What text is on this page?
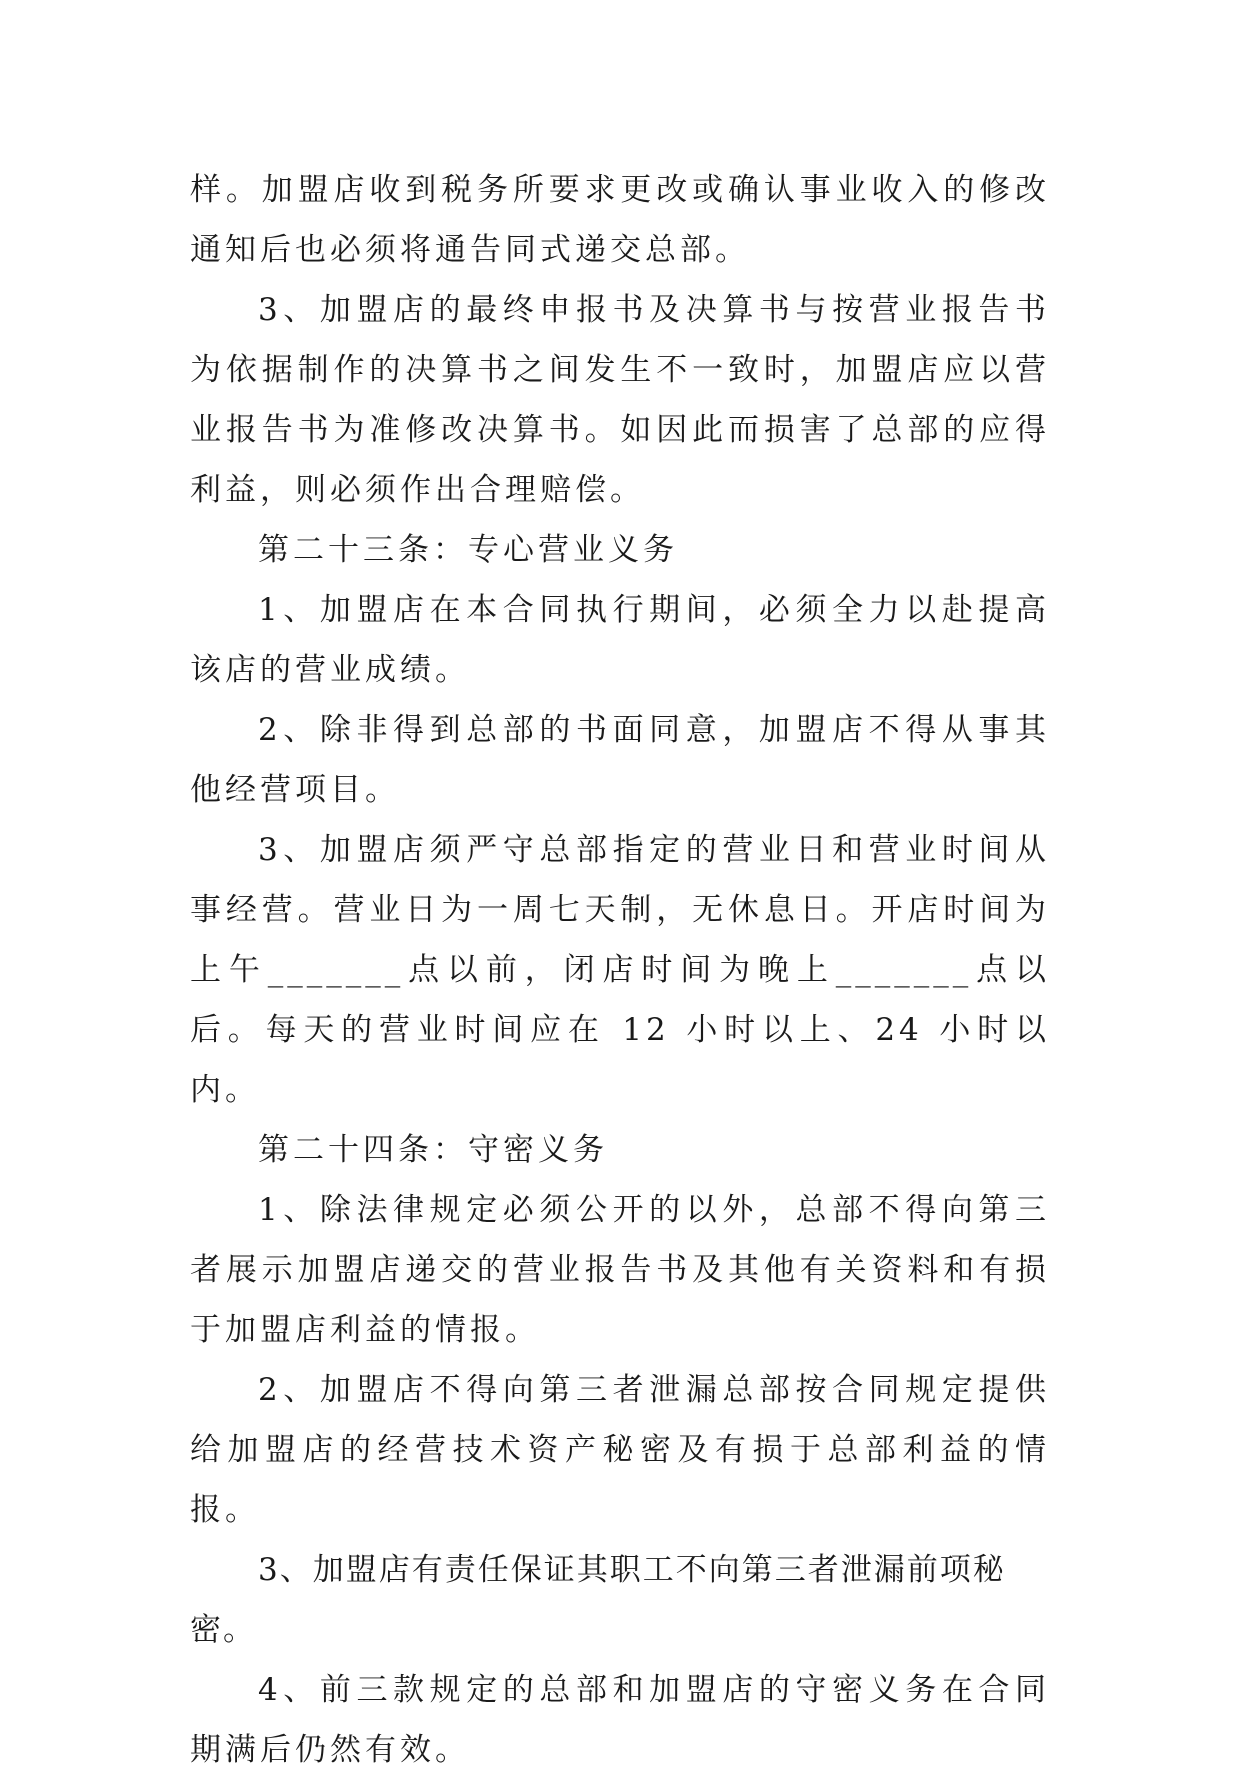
样。加盟店收到税务所要求更改或确认事业收入的修改通知后也必须将通告同式递交总部。

3、加盟店的最终申报书及决算书与按营业报告书为依据制作的决算书之间发生不一致时，加盟店应以营业报告书为准修改决算书。如因此而损害了总部的应得利益，则必须作出合理赔偿。

第二十三条：专心营业义务

1、加盟店在本合同执行期间，必须全力以赴提高该店的营业成绩。

2、除非得到总部的书面同意，加盟店不得从事其他经营项目。

3、加盟店须严守总部指定的营业日和营业时间从事经营。营业日为一周七天制，无休息日。开店时间为上午_______点以前，闭店时间为晚上_______点以后。每天的营业时间应在 12 小时以上、24 小时以内。

第二十四条：守密义务

1、除法律规定必须公开的以外，总部不得向第三者展示加盟店递交的营业报告书及其他有关资料和有损于加盟店利益的情报。

2、加盟店不得向第三者泄漏总部按合同规定提供给加盟店的经营技术资产秘密及有损于总部利益的情报。

3、加盟店有责任保证其职工不向第三者泄漏前项秘密。

4、前三款规定的总部和加盟店的守密义务在合同期满后仍然有效。
